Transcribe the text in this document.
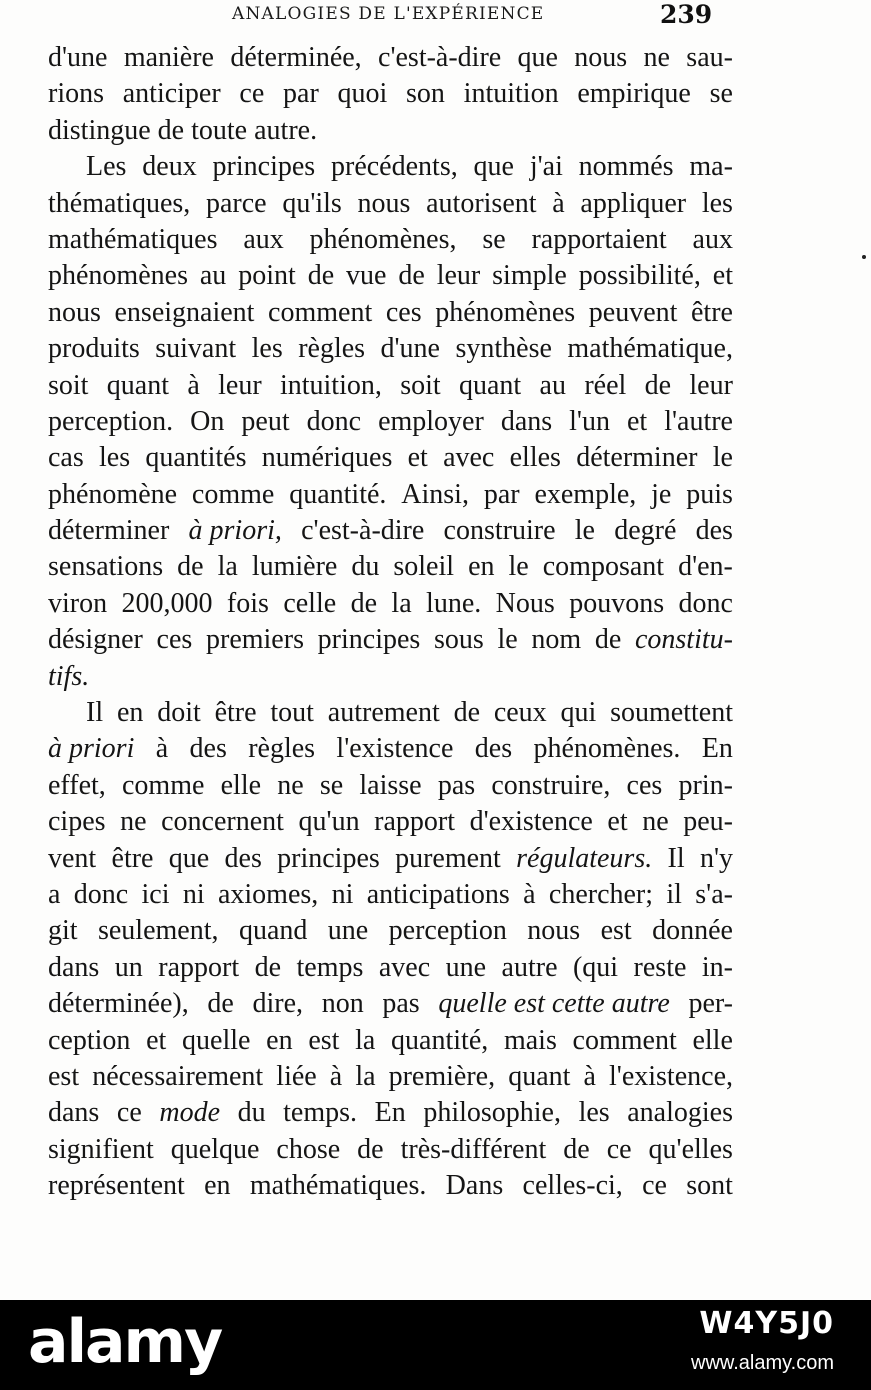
ANALOGIES DE L'EXPÉRIENCE	239
d'une manière déterminée, c'est-à-dire que nous ne sau-
rions anticiper ce par quoi son intuition empirique se
distingue de toute autre.
Les deux principes précédents, que j'ai nommés ma-
thématiques, parce qu'ils nous autorisent à appliquer les
mathématiques aux phénomènes, se rapportaient aux
phénomènes au point de vue de leur simple possibilité, et
nous enseignaient comment ces phénomènes peuvent être
produits suivant les règles d'une synthèse mathématique,
soit quant à leur intuition, soit quant au réel de leur
perception. On peut donc employer dans l'un et l'autre
cas les quantités numériques et avec elles déterminer le
phénomène comme quantité. Ainsi, par exemple, je puis
déterminer à priori, c'est-à-dire construire le degré des
sensations de la lumière du soleil en le composant d'en-
viron 200,000 fois celle de la lune. Nous pouvons donc
désigner ces premiers principes sous le nom de constitu-
tifs.
Il en doit être tout autrement de ceux qui soumettent
à priori à des règles l'existence des phénomènes. En
effet, comme elle ne se laisse pas construire, ces prin-
cipes ne concernent qu'un rapport d'existence et ne peu-
vent être que des principes purement régulateurs. Il n'y
a donc ici ni axiomes, ni anticipations à chercher; il s'a-
git seulement, quand une perception nous est donnée
dans un rapport de temps avec une autre (qui reste in-
déterminée), de dire, non pas quelle est cette autre per-
ception et quelle en est la quantité, mais comment elle
est nécessairement liée à la première, quant à l'existence,
dans ce mode du temps. En philosophie, les analogies
signifient quelque chose de très-différent de ce qu'elles
représentent en mathématiques. Dans celles-ci, ce sont
alamy	W4Y5J0
www.alamy.com
